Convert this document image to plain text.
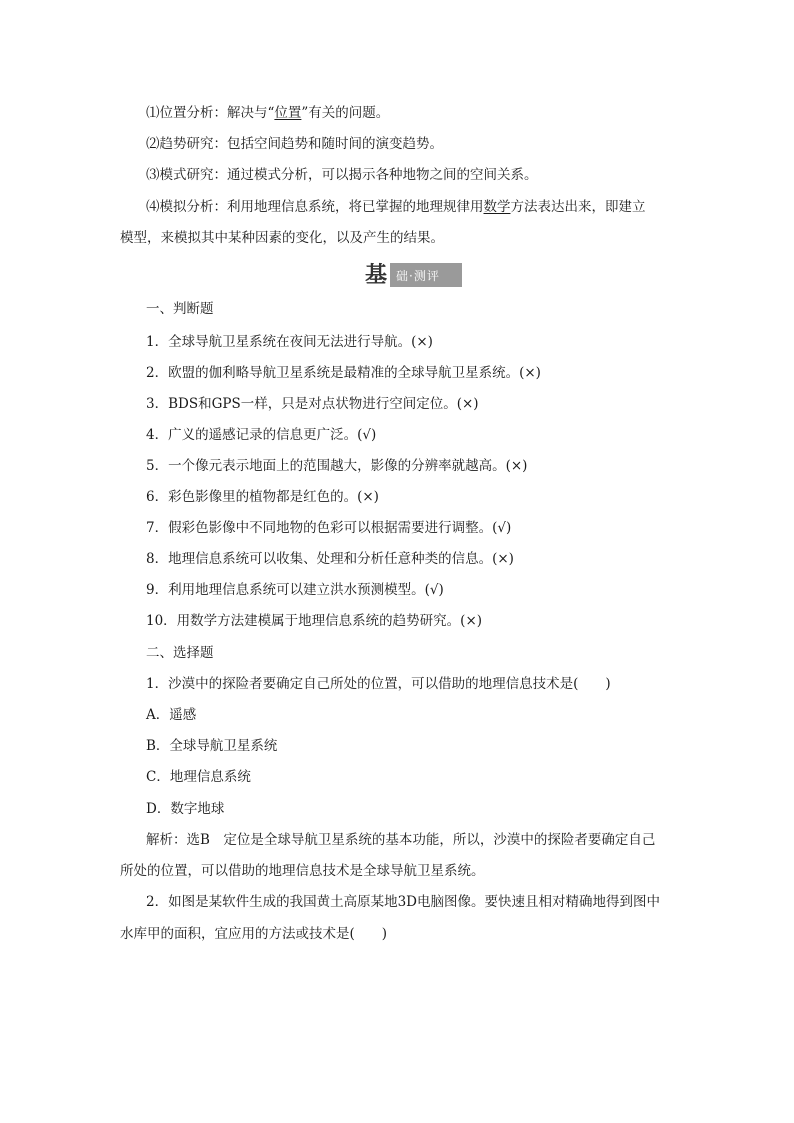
⑴位置分析：解决与“位置”有关的问题。
⑵趋势研究：包括空间趋势和随时间的演变趋势。
⑶模式研究：通过模式分析，可以揭示各种地物之间的空间关系。
⑷模拟分析：利用地理信息系统，将已掌握的地理规律用数学方法表达出来，即建立
模型，来模拟其中某种因素的变化，以及产生的结果。
基 础·测评
一、判断题
1．全球导航卫星系统在夜间无法进行导航。(×)
2．欧盟的伽利略导航卫星系统是最精准的全球导航卫星系统。(×)
3．BDS和GPS一样，只是对点状物进行空间定位。(×)
4．广义的遥感记录的信息更广泛。(√)
5．一个像元表示地面上的范围越大，影像的分辨率就越高。(×)
6．彩色影像里的植物都是红色的。(×)
7．假彩色影像中不同地物的色彩可以根据需要进行调整。(√)
8．地理信息系统可以收集、处理和分析任意种类的信息。(×)
9．利用地理信息系统可以建立洪水预测模型。(√)
10．用数学方法建模属于地理信息系统的趋势研究。(×)
二、选择题
1．沙漠中的探险者要确定自己所处的位置，可以借助的地理信息技术是(　　)
A．遥感
B．全球导航卫星系统
C．地理信息系统
D．数字地球
解析：选B　定位是全球导航卫星系统的基本功能，所以，沙漠中的探险者要确定自己
所处的位置，可以借助的地理信息技术是全球导航卫星系统。
2．如图是某软件生成的我国黄土高原某地3D电脑图像。要快速且相对精确地得到图中
水库甲的面积，宜应用的方法或技术是(　　)
